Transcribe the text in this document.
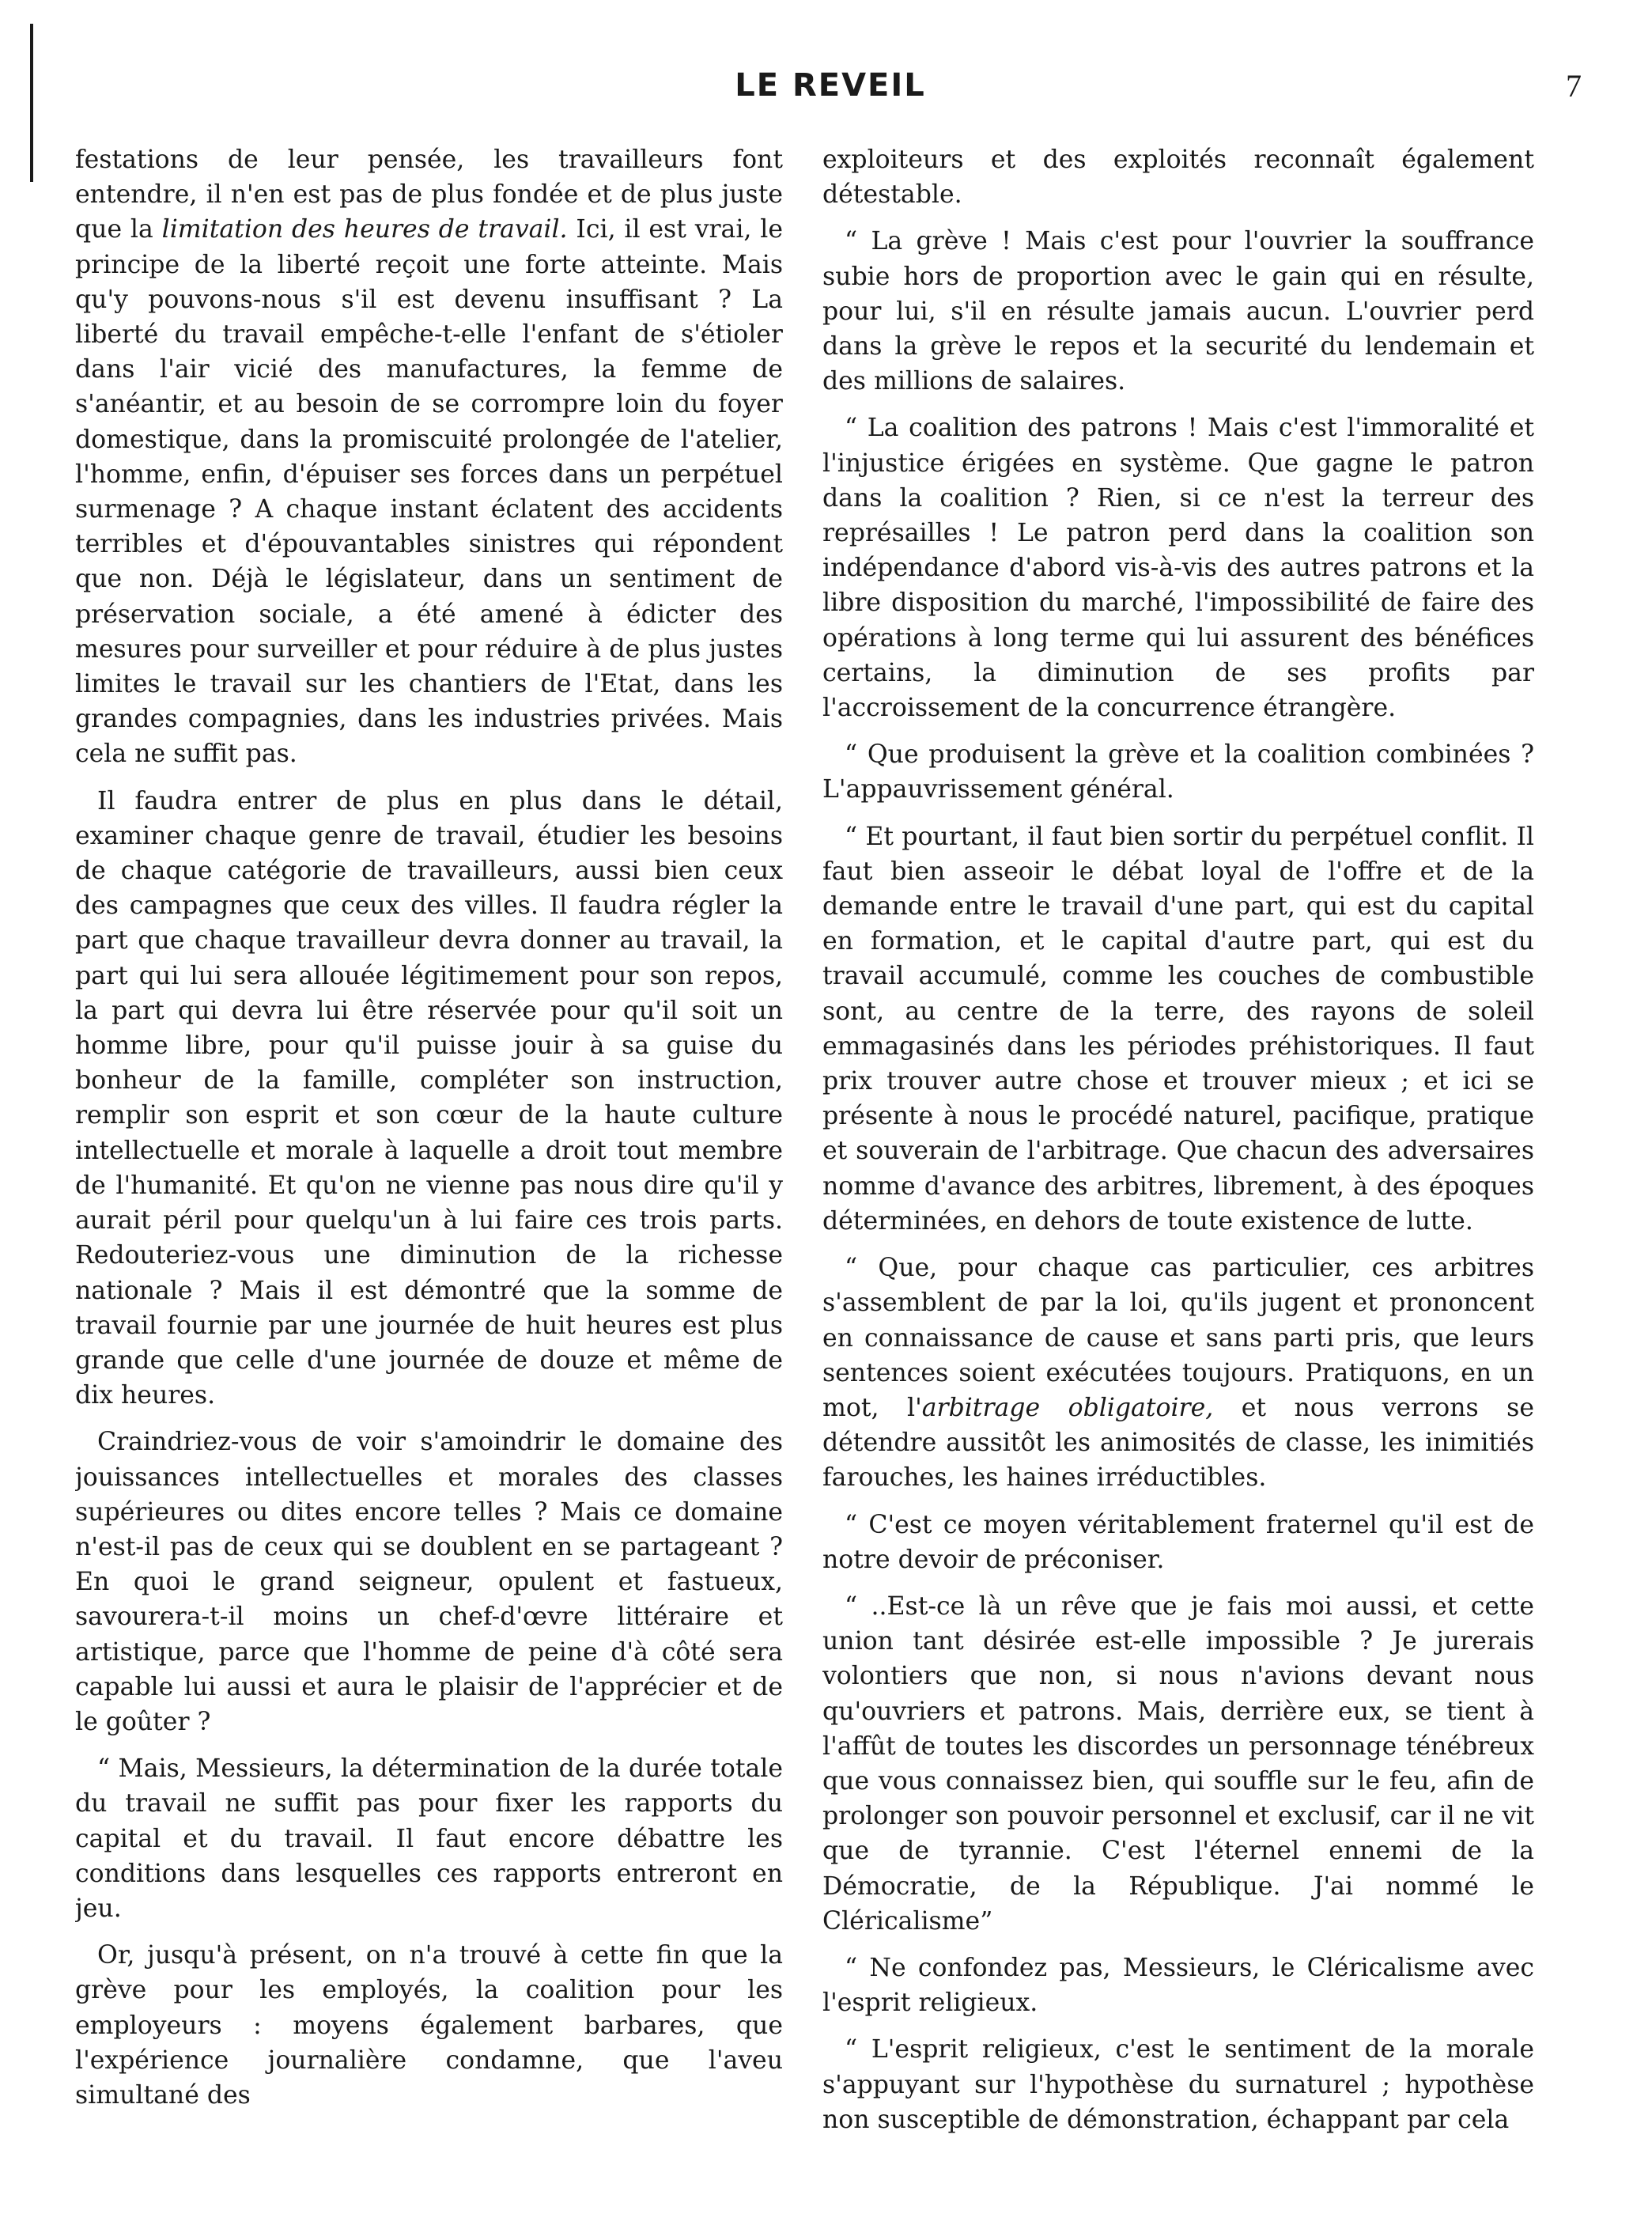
LE REVEIL	7

festations de leur pensée, les travailleurs font entendre, il n'en est pas de plus fondée et de plus juste que la limitation des heures de travail. Ici, il est vrai, le principe de la liberté reçoit une forte atteinte. Mais qu'y pouvons-nous s'il est devenu insuffisant ? La liberté du travail empêche-t-elle l'enfant de s'étioler dans l'air vicié des manufactures, la femme de s'anéantir, et au besoin de se corrompre loin du foyer domestique, dans la promiscuité prolongée de l'atelier, l'homme, enfin, d'épuiser ses forces dans un perpétuel surmenage ? A chaque instant éclatent des accidents terribles et d'épouvantables sinistres qui répondent que non. Déjà le législateur, dans un sentiment de préservation sociale, a été amené à édicter des mesures pour surveiller et pour réduire à de plus justes limites le travail sur les chantiers de l'Etat, dans les grandes compagnies, dans les industries privées. Mais cela ne suffit pas.

Il faudra entrer de plus en plus dans le détail, examiner chaque genre de travail, étudier les besoins de chaque catégorie de travailleurs, aussi bien ceux des campagnes que ceux des villes. Il faudra régler la part que chaque travailleur devra donner au travail, la part qui lui sera allouée légitimement pour son repos, la part qui devra lui être réservée pour qu'il soit un homme libre, pour qu'il puisse jouir à sa guise du bonheur de la famille, compléter son instruction, remplir son esprit et son cœur de la haute culture intellectuelle et morale à laquelle a droit tout membre de l'humanité. Et qu'on ne vienne pas nous dire qu'il y aurait péril pour quelqu'un à lui faire ces trois parts. Redouteriez-vous une diminution de la richesse nationale ? Mais il est démontré que la somme de travail fournie par une journée de huit heures est plus grande que celle d'une journée de douze et même de dix heures.

Craindriez-vous de voir s'amoindrir le domaine des jouissances intellectuelles et morales des classes supérieures ou dites encore telles ? Mais ce domaine n'est-il pas de ceux qui se doublent en se partageant ? En quoi le grand seigneur, opulent et fastueux, savourera-t-il moins un chef-d'œvre littéraire et artistique, parce que l'homme de peine d'à côté sera capable lui aussi et aura le plaisir de l'apprécier et de le goûter ?

“ Mais, Messieurs, la détermination de la durée totale du travail ne suffit pas pour fixer les rapports du capital et du travail. Il faut encore débattre les conditions dans lesquelles ces rapports entreront en jeu.

Or, jusqu'à présent, on n'a trouvé à cette fin que la grève pour les employés, la coalition pour les employeurs : moyens également barbares, que l'expérience journalière condamne, que l'aveu simultané des

exploiteurs et des exploités reconnaît également détestable.

“ La grève ! Mais c'est pour l'ouvrier la souffrance subie hors de proportion avec le gain qui en résulte, pour lui, s'il en résulte jamais aucun. L'ouvrier perd dans la grève le repos et la securité du lendemain et des millions de salaires.

“ La coalition des patrons ! Mais c'est l'immoralité et l'injustice érigées en système. Que gagne le patron dans la coalition ? Rien, si ce n'est la terreur des représailles ! Le patron perd dans la coalition son indépendance d'abord vis-à-vis des autres patrons et la libre disposition du marché, l'impossibilité de faire des opérations à long terme qui lui assurent des bénéfices certains, la diminution de ses profits par l'accroissement de la concurrence étrangère.

“ Que produisent la grève et la coalition combinées ? L'appauvrissement général.

“ Et pourtant, il faut bien sortir du perpétuel conflit. Il faut bien asseoir le débat loyal de l'offre et de la demande entre le travail d'une part, qui est du capital en formation, et le capital d'autre part, qui est du travail accumulé, comme les couches de combustible sont, au centre de la terre, des rayons de soleil emmagasinés dans les périodes préhistoriques. Il faut prix trouver autre chose et trouver mieux ; et ici se présente à nous le procédé naturel, pacifique, pratique et souverain de l'arbitrage. Que chacun des adversaires nomme d'avance des arbitres, librement, à des époques déterminées, en dehors de toute existence de lutte.

“ Que, pour chaque cas particulier, ces arbitres s'assemblent de par la loi, qu'ils jugent et prononcent en connaissance de cause et sans parti pris, que leurs sentences soient exécutées toujours. Pratiquons, en un mot, l'arbitrage obligatoire, et nous verrons se détendre aussitôt les animosités de classe, les inimitiés farouches, les haines irréductibles.

“ C'est ce moyen véritablement fraternel qu'il est de notre devoir de préconiser.

“ ..Est-ce là un rêve que je fais moi aussi, et cette union tant désirée est-elle impossible ? Je jurerais volontiers que non, si nous n'avions devant nous qu'ouvriers et patrons. Mais, derrière eux, se tient à l'affût de toutes les discordes un personnage ténébreux que vous connaissez bien, qui souffle sur le feu, afin de prolonger son pouvoir personnel et exclusif, car il ne vit que de tyrannie. C'est l'éternel ennemi de la Démocratie, de la République. J'ai nommé le Cléricalisme”

“ Ne confondez pas, Messieurs, le Cléricalisme avec l'esprit religieux.

“ L'esprit religieux, c'est le sentiment de la morale s'appuyant sur l'hypothèse du surnaturel ; hypothèse non susceptible de démonstration, échappant par cela
